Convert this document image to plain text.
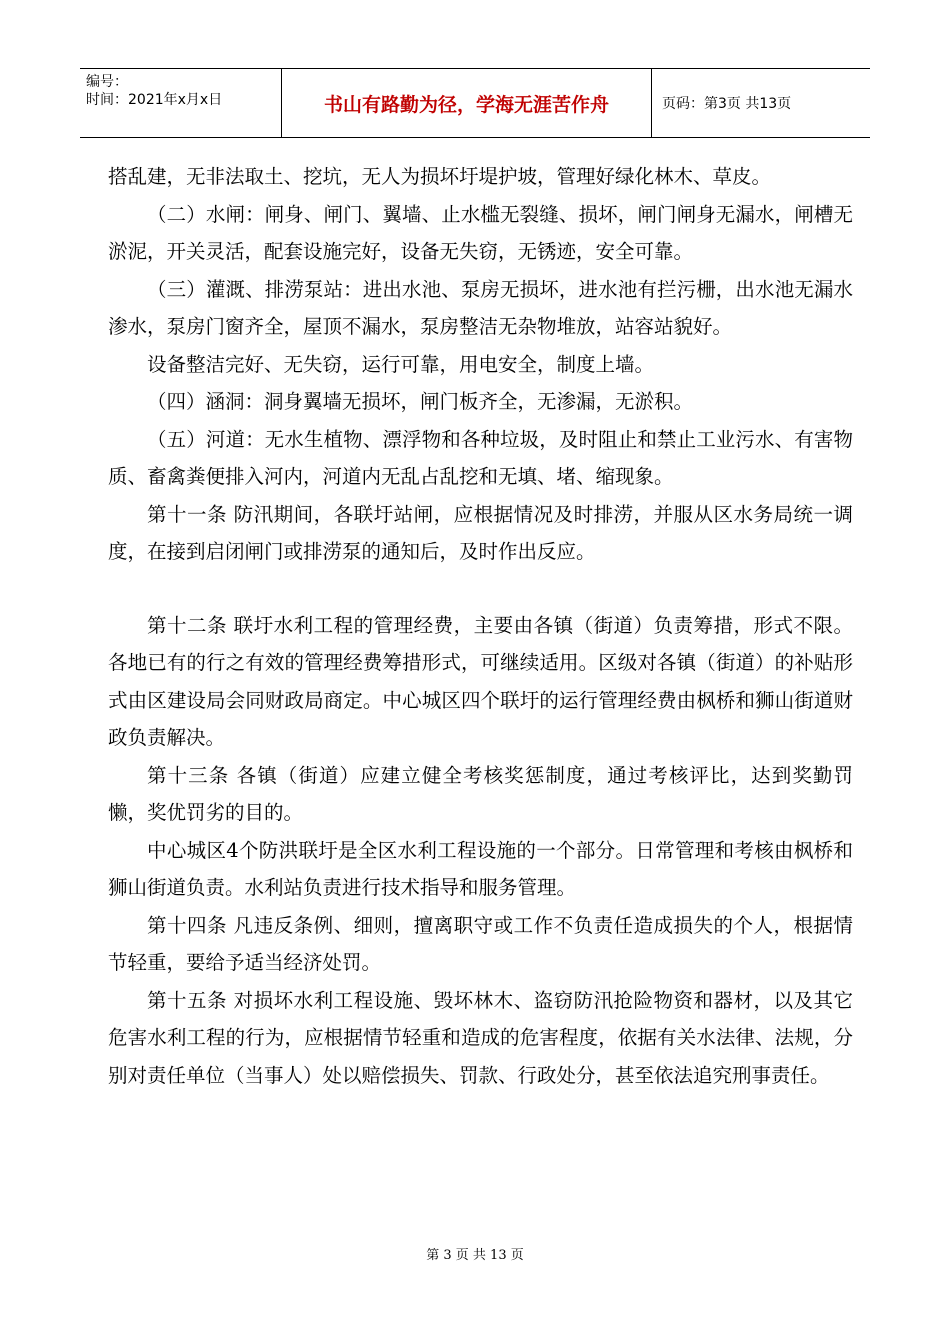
编号：
时间：2021年x月x日	书山有路勤为径，学海无涯苦作舟	页码：第3页 共13页

搭乱建，无非法取土、挖坑，无人为损坏圩堤护坡，管理好绿化林木、草皮。

（二）水闸：闸身、闸门、翼墙、止水槛无裂缝、损坏，闸门闸身无漏水，闸槽无淤泥，开关灵活，配套设施完好，设备无失窃，无锈迹，安全可靠。

（三）灌溉、排涝泵站：进出水池、泵房无损坏，进水池有拦污栅，出水池无漏水渗水，泵房门窗齐全，屋顶不漏水，泵房整洁无杂物堆放，站容站貌好。

设备整洁完好、无失窃，运行可靠，用电安全，制度上墙。

（四）涵洞：洞身翼墙无损坏，闸门板齐全，无渗漏，无淤积。

（五）河道：无水生植物、漂浮物和各种垃圾，及时阻止和禁止工业污水、有害物质、畜禽粪便排入河内，河道内无乱占乱挖和无填、堵、缩现象。

第十一条 防汛期间，各联圩站闸，应根据情况及时排涝，并服从区水务局统一调度，在接到启闭闸门或排涝泵的通知后，及时作出反应。

第十二条 联圩水利工程的管理经费，主要由各镇（街道）负责筹措，形式不限。各地已有的行之有效的管理经费筹措形式，可继续适用。区级对各镇（街道）的补贴形式由区建设局会同财政局商定。中心城区四个联圩的运行管理经费由枫桥和狮山街道财政负责解决。

第十三条 各镇（街道）应建立健全考核奖惩制度，通过考核评比，达到奖勤罚懒，奖优罚劣的目的。

中心城区4个防洪联圩是全区水利工程设施的一个部分。日常管理和考核由枫桥和狮山街道负责。水利站负责进行技术指导和服务管理。

第十四条 凡违反条例、细则，擅离职守或工作不负责任造成损失的个人，根据情节轻重，要给予适当经济处罚。

第十五条 对损坏水利工程设施、毁坏林木、盗窃防汛抢险物资和器材，以及其它危害水利工程的行为，应根据情节轻重和造成的危害程度，依据有关水法律、法规，分别对责任单位（当事人）处以赔偿损失、罚款、行政处分，甚至依法追究刑事责任。

第 3 页 共 13 页
